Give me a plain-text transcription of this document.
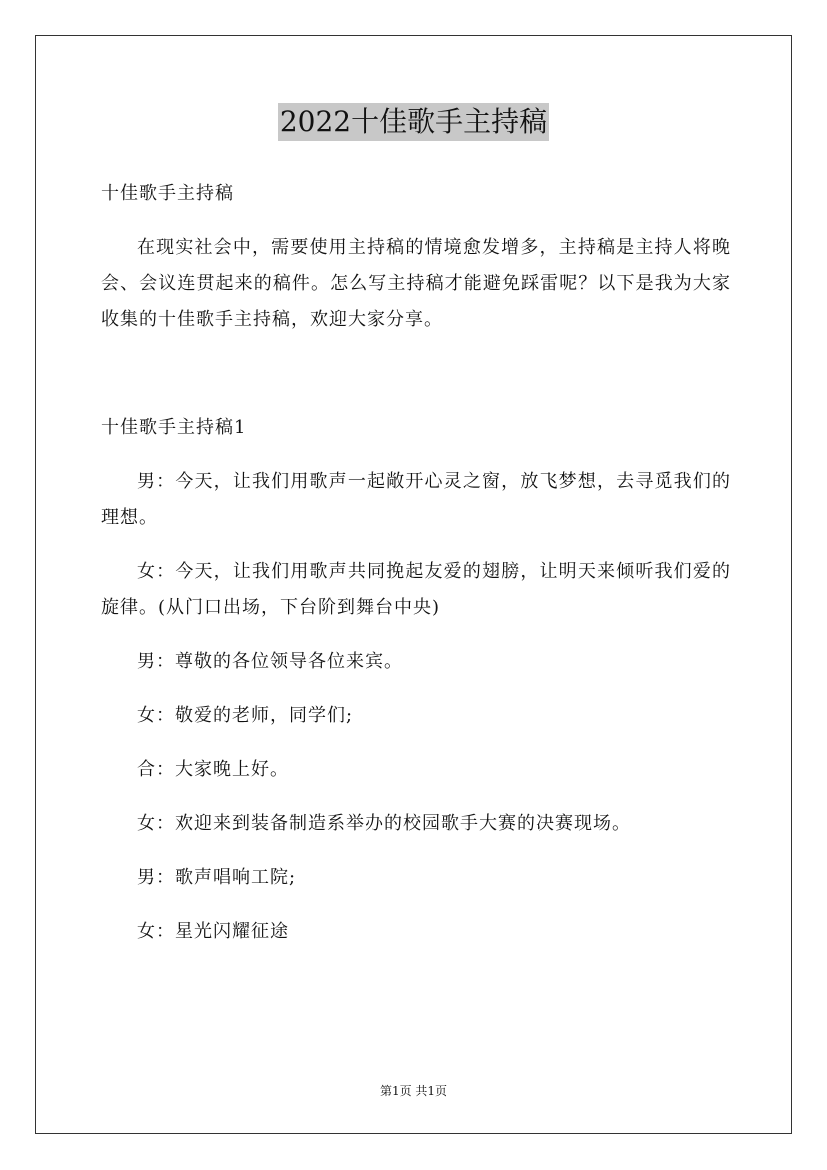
2022十佳歌手主持稿
十佳歌手主持稿
在现实社会中，需要使用主持稿的情境愈发增多，主持稿是主持人将晚会、会议连贯起来的稿件。怎么写主持稿才能避免踩雷呢？以下是我为大家收集的十佳歌手主持稿，欢迎大家分享。
十佳歌手主持稿1
男：今天，让我们用歌声一起敞开心灵之窗，放飞梦想，去寻觅我们的理想。
女：今天，让我们用歌声共同挽起友爱的翅膀，让明天来倾听我们爱的旋律。(从门口出场，下台阶到舞台中央)
男：尊敬的各位领导各位来宾。
女：敬爱的老师，同学们;
合：大家晚上好。
女：欢迎来到装备制造系举办的校园歌手大赛的决赛现场。
男：歌声唱响工院;
女：星光闪耀征途
第1页 共1页
